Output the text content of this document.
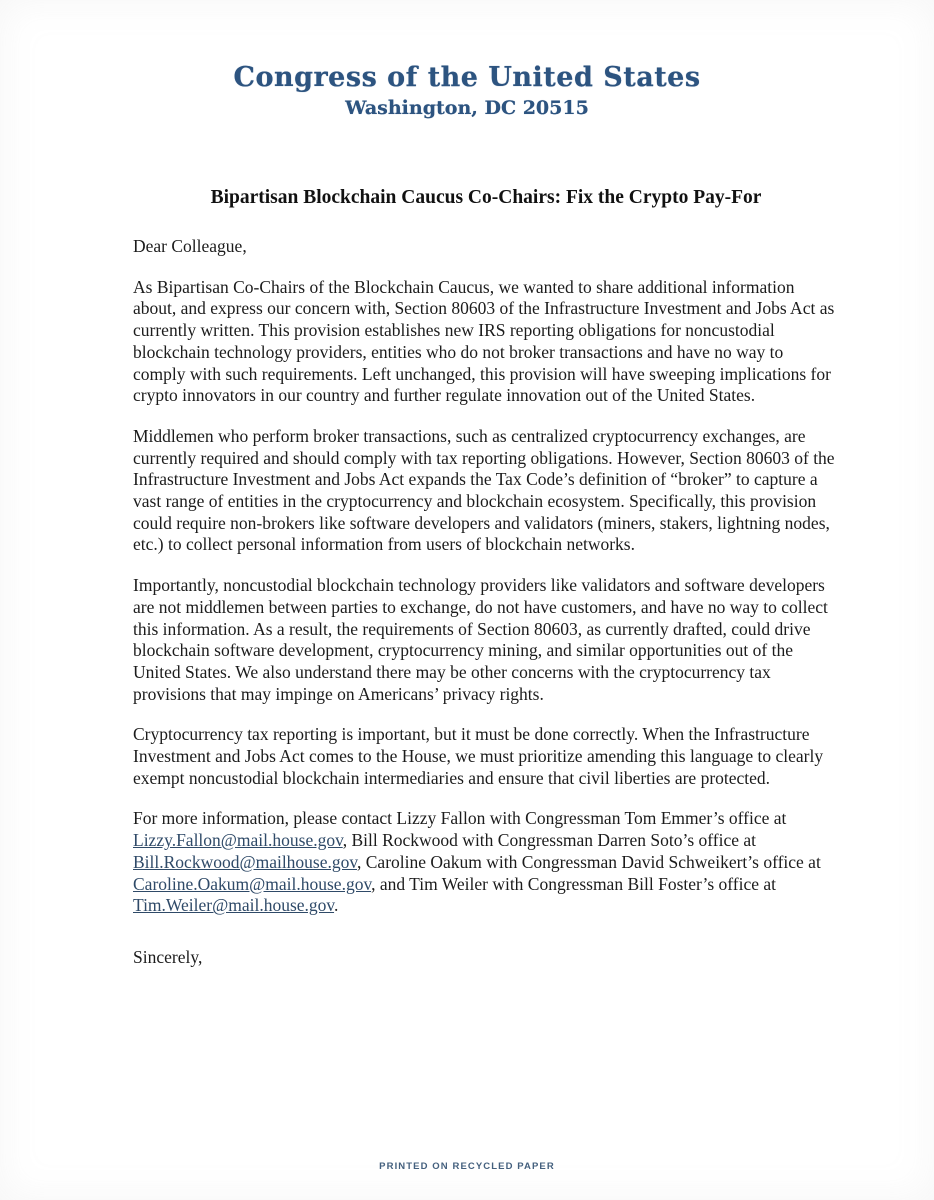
Congress of the United States
Washington, DC 20515
Bipartisan Blockchain Caucus Co-Chairs: Fix the Crypto Pay-For

Dear Colleague,

As Bipartisan Co-Chairs of the Blockchain Caucus, we wanted to share additional information about, and express our concern with, Section 80603 of the Infrastructure Investment and Jobs Act as currently written. This provision establishes new IRS reporting obligations for noncustodial blockchain technology providers, entities who do not broker transactions and have no way to comply with such requirements. Left unchanged, this provision will have sweeping implications for crypto innovators in our country and further regulate innovation out of the United States.

Middlemen who perform broker transactions, such as centralized cryptocurrency exchanges, are currently required and should comply with tax reporting obligations. However, Section 80603 of the Infrastructure Investment and Jobs Act expands the Tax Code’s definition of “broker” to capture a vast range of entities in the cryptocurrency and blockchain ecosystem. Specifically, this provision could require non-brokers like software developers and validators (miners, stakers, lightning nodes, etc.) to collect personal information from users of blockchain networks.

Importantly, noncustodial blockchain technology providers like validators and software developers are not middlemen between parties to exchange, do not have customers, and have no way to collect this information. As a result, the requirements of Section 80603, as currently drafted, could drive blockchain software development, cryptocurrency mining, and similar opportunities out of the United States. We also understand there may be other concerns with the cryptocurrency tax provisions that may impinge on Americans’ privacy rights.

Cryptocurrency tax reporting is important, but it must be done correctly. When the Infrastructure Investment and Jobs Act comes to the House, we must prioritize amending this language to clearly exempt noncustodial blockchain intermediaries and ensure that civil liberties are protected.

For more information, please contact Lizzy Fallon with Congressman Tom Emmer’s office at Lizzy.Fallon@mail.house.gov, Bill Rockwood with Congressman Darren Soto’s office at Bill.Rockwood@mailhouse.gov, Caroline Oakum with Congressman David Schweikert’s office at Caroline.Oakum@mail.house.gov, and Tim Weiler with Congressman Bill Foster’s office at Tim.Weiler@mail.house.gov.

Sincerely,

PRINTED ON RECYCLED PAPER
